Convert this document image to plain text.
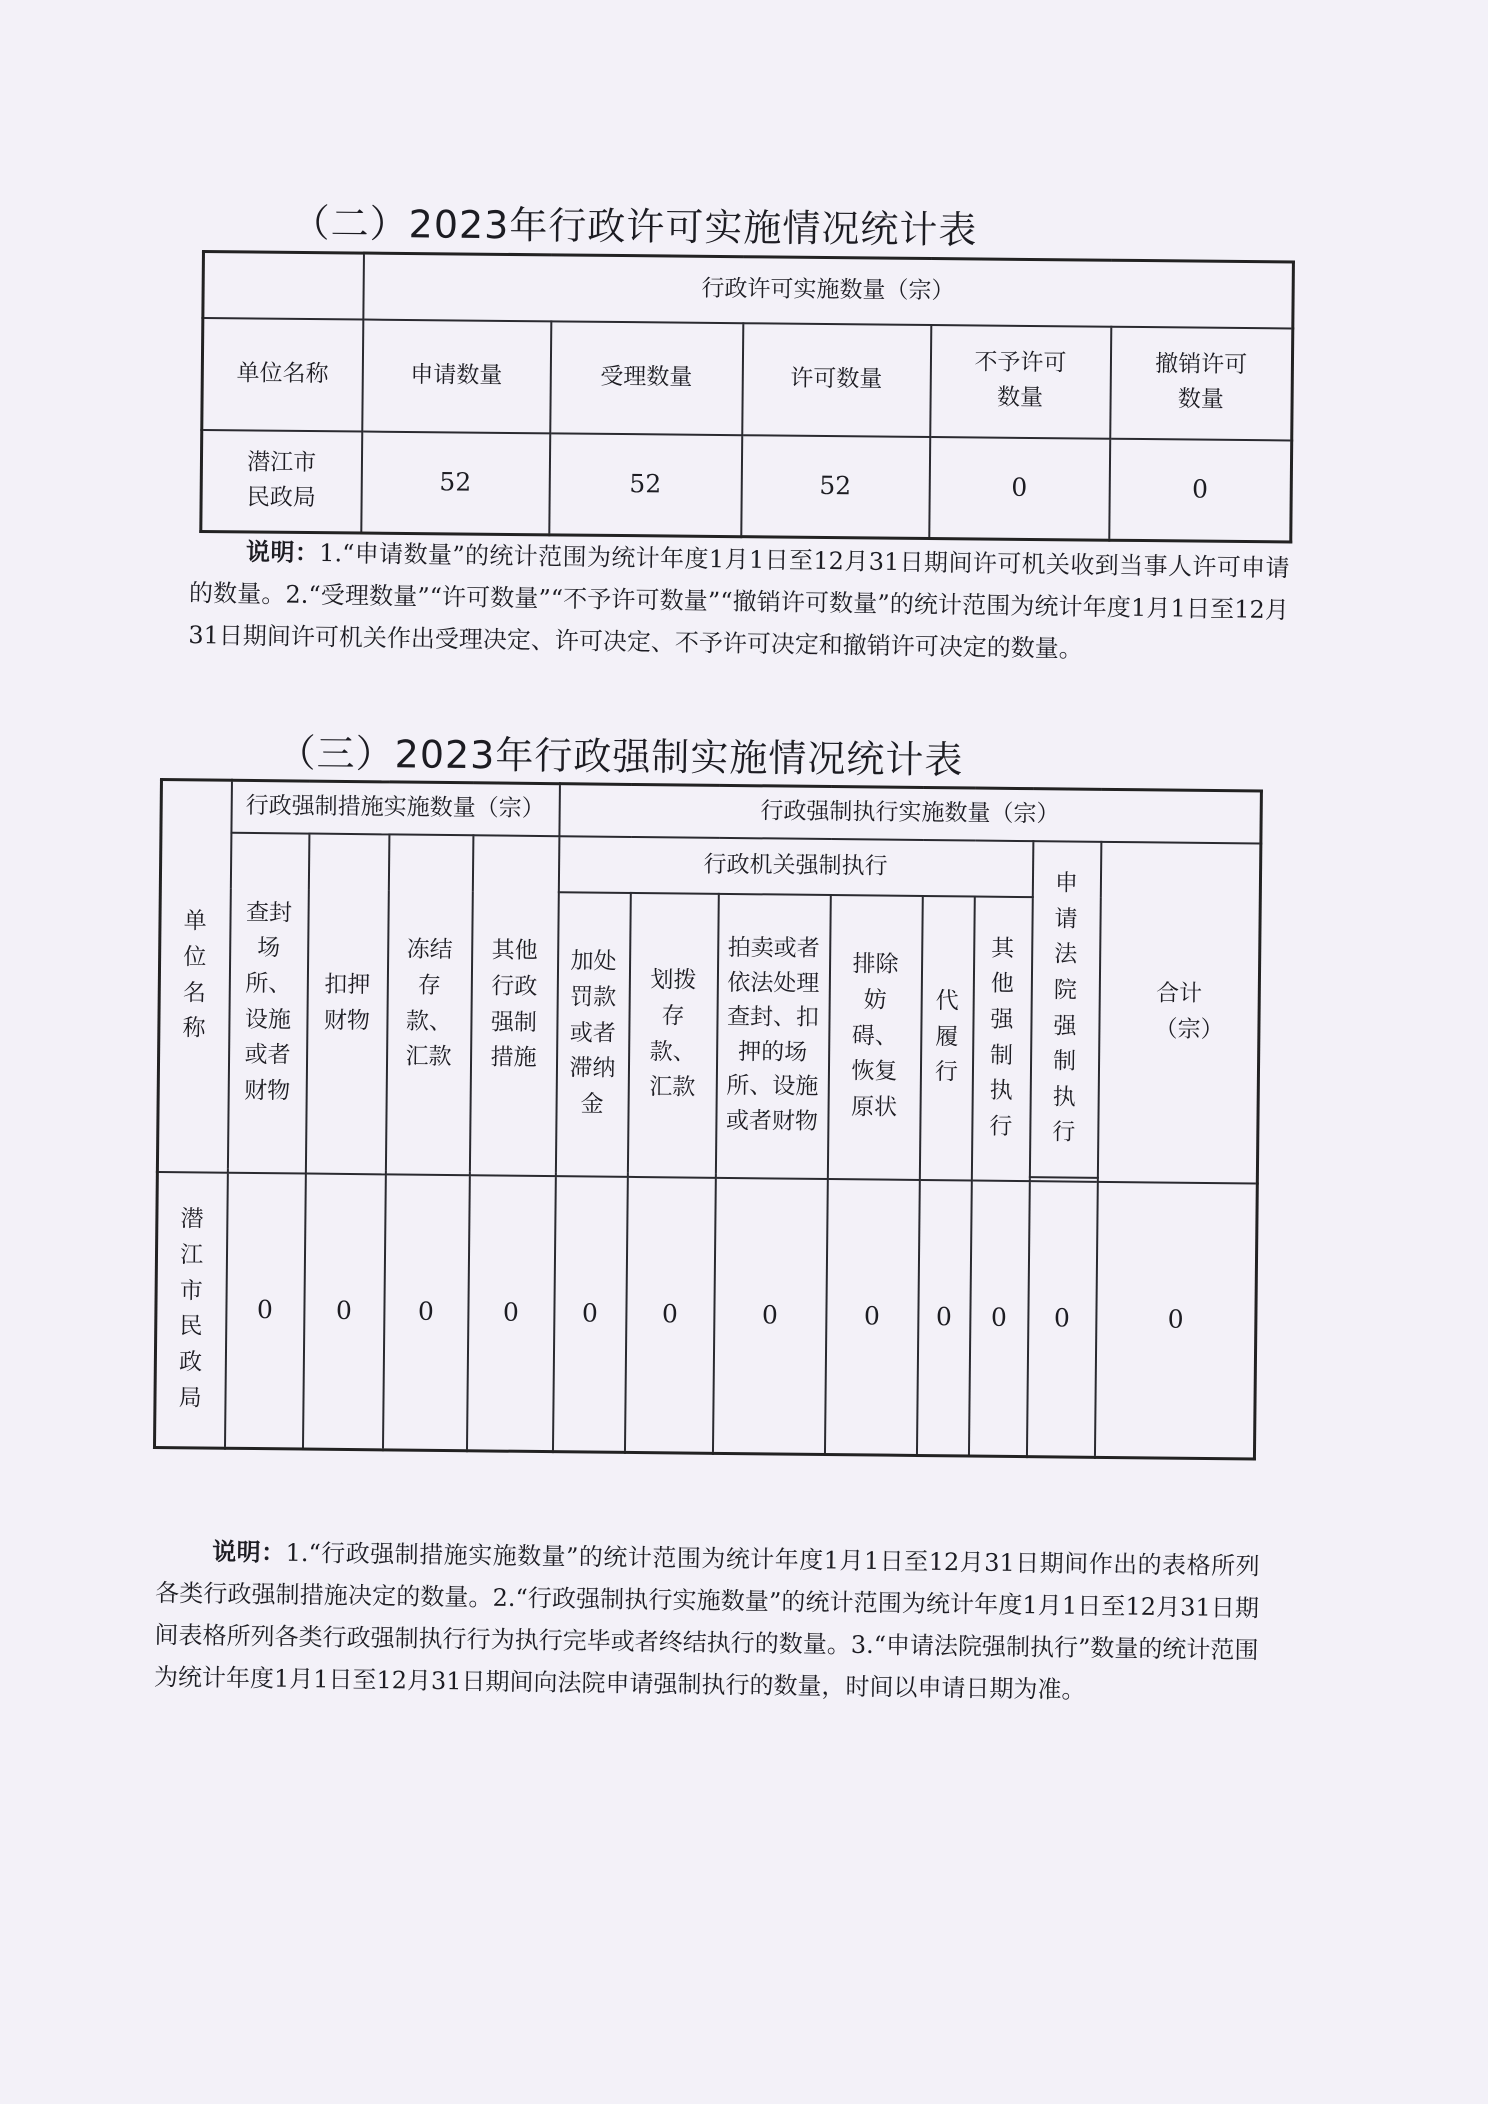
（二）2023年行政许可实施情况统计表
	行政许可实施数量（宗）				
单位名称	申请数量	受理数量	许可数量	不予许可数量	撤销许可数量
潜江市民政局	52	52	52	0	0
说明：1.“申请数量”的统计范围为统计年度1月1日至12月31日期间许可机关收到当事人许可申请的数量。2.“受理数量”“许可数量”“不予许可数量”“撤销许可数量”的统计范围为统计年度1月1日至12月31日期间许可机关作出受理决定、许可决定、不予许可决定和撤销许可决定的数量。
（三）2023年行政强制实施情况统计表
单位名称	行政强制措施实施数量（宗）				行政强制执行实施数量（宗）							
	查封场所、设施或者财物	扣押财物	冻结存款、汇款	其他行政强制措施	行政机关强制执行						申请法院强制执行	合计（宗）
					加处罚款或者滞纳金	划拨存款、汇款	拍卖或者依法处理查封、扣押的场所、设施或者财物	排除妨碍、恢复原状	代履行	其他强制执行		

潜江市民政局	0	0	0	0	0	0	0	0	0	0	0	0
说明：1.“行政强制措施实施数量”的统计范围为统计年度1月1日至12月31日期间作出的表格所列各类行政强制措施决定的数量。2.“行政强制执行实施数量”的统计范围为统计年度1月1日至12月31日期间表格所列各类行政强制执行行为执行完毕或者终结执行的数量。3.“申请法院强制执行”数量的统计范围为统计年度1月1日至12月31日期间向法院申请强制执行的数量，时间以申请日期为准。
